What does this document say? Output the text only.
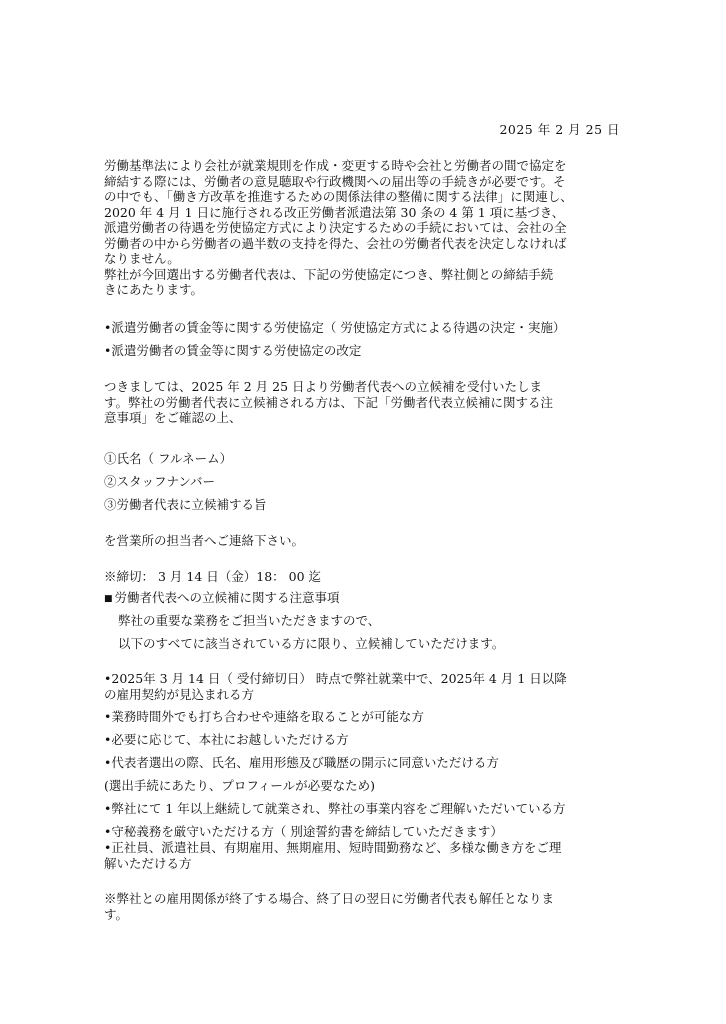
2025 年 2 月 25 日

労働基準法により会社が就業規則を作成・変更する時や会社と労働者の間で協定を

締結する際には、労働者の意見聴取や行政機関への届出等の手続きが必要です。そ

の中でも、「働き方改革を推進するための関係法律の整備に関する法律」に関連し、

2020 年 4 月 1 日に施行される改正労働者派遣法第 30 条の 4 第 1 項に基づき、

派遣労働者の待遇を労使協定方式により決定するための手続においては、会社の全

労働者の中から労働者の過半数の支持を得た、会社の労働者代表を決定しなければ

なりません。

弊社が今回選出する労働者代表は、下記の労使協定につき、弊社側との締結手続

きにあたります。

•派遣労働者の賃金等に関する労使協定（ 労使協定方式による待遇の決定・実施）

•派遣労働者の賃金等に関する労使協定の改定

つきましては、2025 年 2 月 25 日より労働者代表への立候補を受付いたしま

す。弊社の労働者代表に立候補される方は、下記「労働者代表立候補に関する注

意事項」をご確認の上、

①氏名（ フルネーム）

②スタッフナンバー

③労働者代表に立候補する旨

を営業所の担当者へご連絡下さい。

※締切： 3 月 14 日（金）18： 00 迄

■ 労働者代表への立候補に関する注意事項

弊社の重要な業務をご担当いただきますので、

以下のすべてに該当されている方に限り、立候補していただけます。

•2025年 3 月 14 日（ 受付締切日） 時点で弊社就業中で、2025年 4 月 1 日以降

の雇用契約が見込まれる方

•業務時間外でも打ち合わせや連絡を取ることが可能な方

•必要に応じて、本社にお越しいただける方

•代表者選出の際、氏名、雇用形態及び職歴の開示に同意いただける方

(選出手続にあたり、プロフィールが必要なため)

•弊社にて 1 年以上継続して就業され、弊社の事業内容をご理解いただいている方

•守秘義務を厳守いただける方（ 別途誓約書を締結していただきます）

•正社員、派遣社員、有期雇用、無期雇用、短時間勤務など、多様な働き方をご理

解いただける方

※弊社との雇用関係が終了する場合、終了日の翌日に労働者代表も解任となりま

す。
